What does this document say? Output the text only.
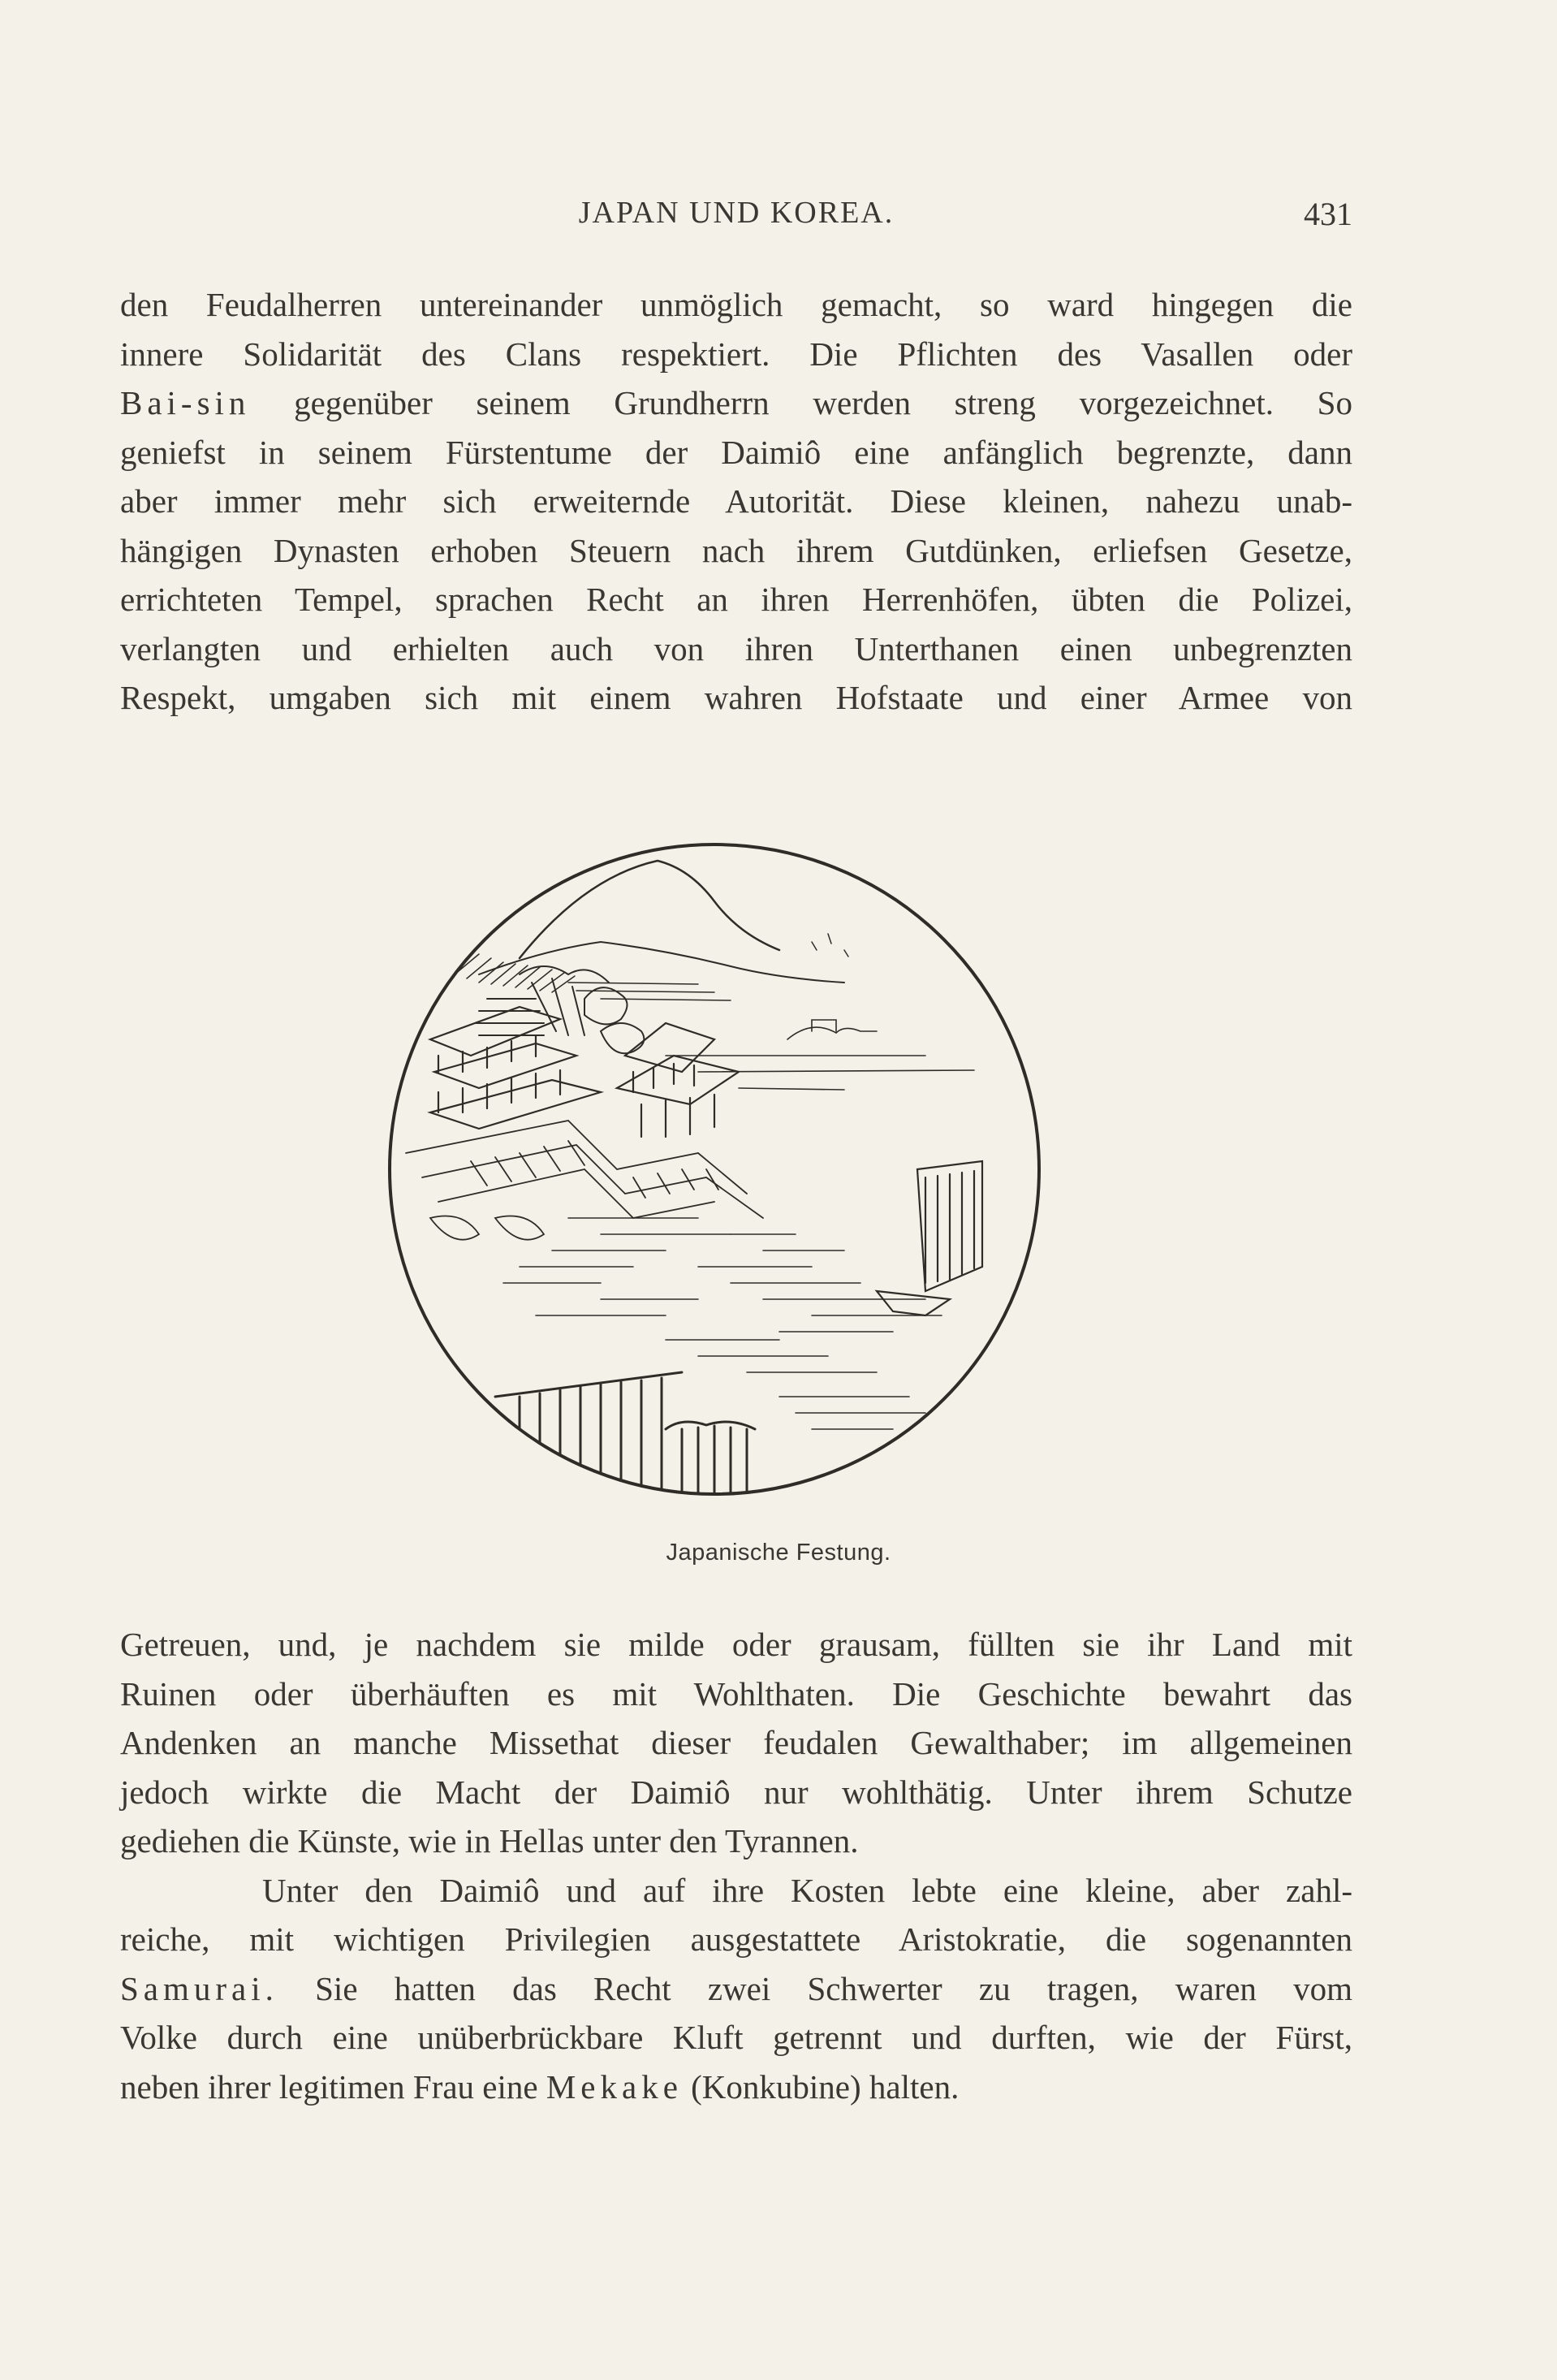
JAPAN UND KOREA.	431
den Feudalherren untereinander unmöglich gemacht, so ward hingegen die
innere Solidarität des Clans respektiert. Die Pflichten des Vasallen oder
Bai-sin gegenüber seinem Grundherrn werden streng vorgezeichnet. So
geniefst in seinem Fürstentume der Daimiô eine anfänglich begrenzte, dann
aber immer mehr sich erweiternde Autorität. Diese kleinen, nahezu unab-
hängigen Dynasten erhoben Steuern nach ihrem Gutdünken, erliefsen Gesetze,
errichteten Tempel, sprachen Recht an ihren Herrenhöfen, übten die Polizei,
verlangten und erhielten auch von ihren Unterthanen einen unbegrenzten
Respekt, umgaben sich mit einem wahren Hofstaate und einer Armee von
Japanische Festung.
Getreuen, und, je nachdem sie milde oder grausam, füllten sie ihr Land mit
Ruinen oder überhäuften es mit Wohlthaten. Die Geschichte bewahrt das
Andenken an manche Missethat dieser feudalen Gewalthaber; im allgemeinen
jedoch wirkte die Macht der Daimiô nur wohlthätig. Unter ihrem Schutze
gediehen die Künste, wie in Hellas unter den Tyrannen.
Unter den Daimiô und auf ihre Kosten lebte eine kleine, aber zahl-
reiche, mit wichtigen Privilegien ausgestattete Aristokratie, die sogenannten
Samurai. Sie hatten das Recht zwei Schwerter zu tragen, waren vom
Volke durch eine unüberbrückbare Kluft getrennt und durften, wie der Fürst,
neben ihrer legitimen Frau eine Mekake (Konkubine) halten.
